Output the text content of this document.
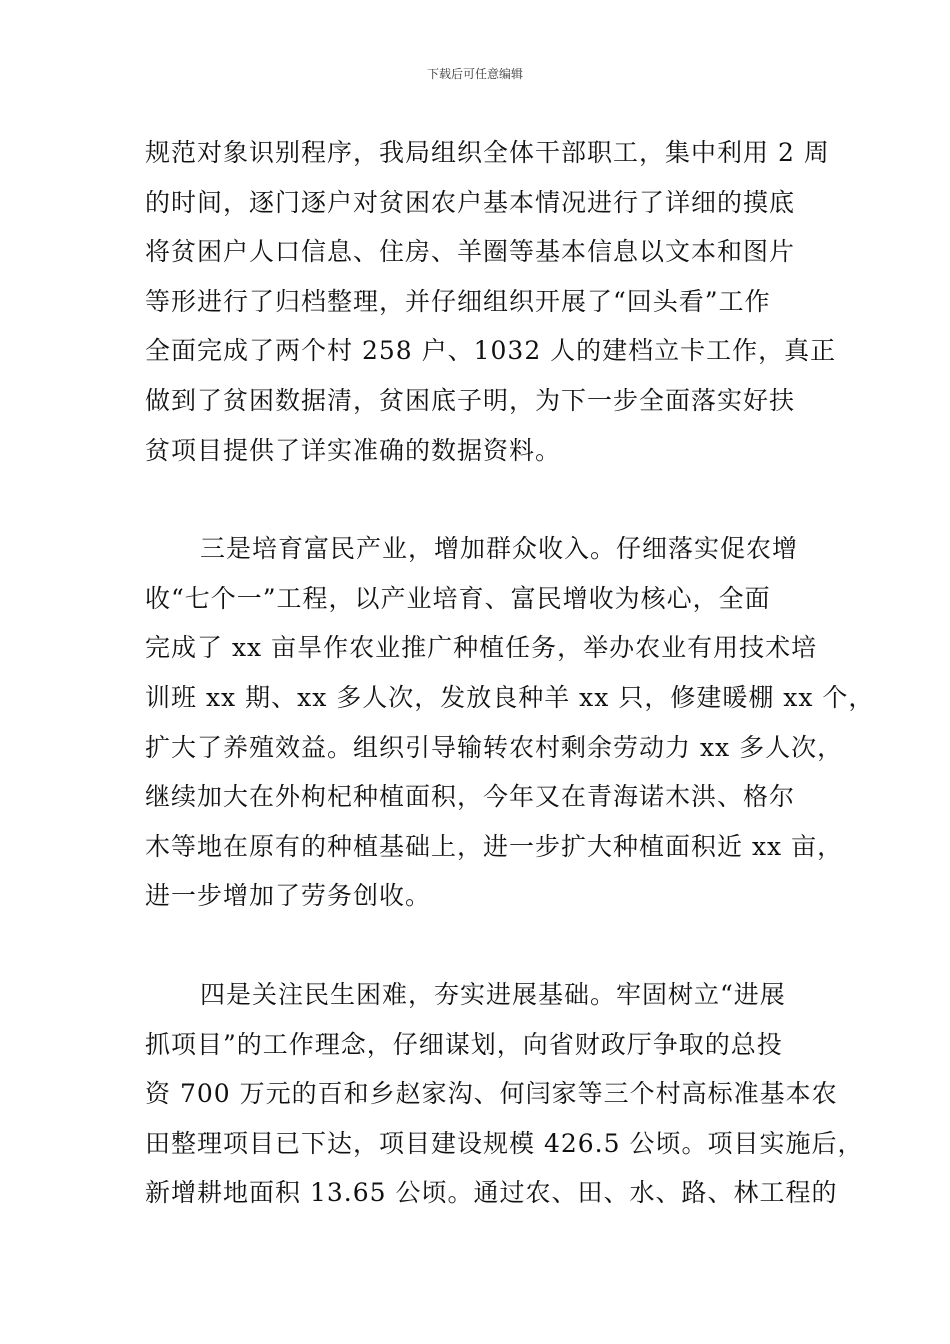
下载后可任意编辑
规范对象识别程序，我局组织全体干部职工，集中利用 2 周
的时间，逐门逐户对贫困农户基本情况进行了详细的摸底
将贫困户人口信息、住房、羊圈等基本信息以文本和图片
等形进行了归档整理，并仔细组织开展了“回头看”工作
全面完成了两个村 258 户、1032 人的建档立卡工作，真正
做到了贫困数据清，贫困底子明，为下一步全面落实好扶
贫项目提供了详实准确的数据资料。
三是培育富民产业，增加群众收入。仔细落实促农增
收“七个一”工程，以产业培育、富民增收为核心，全面
完成了 xx 亩旱作农业推广种植任务，举办农业有用技术培
训班 xx 期、xx 多人次，发放良种羊 xx 只，修建暖棚 xx 个，
扩大了养殖效益。组织引导输转农村剩余劳动力 xx 多人次，
继续加大在外枸杞种植面积，今年又在青海诺木洪、格尔
木等地在原有的种植基础上，进一步扩大种植面积近 xx 亩，
进一步增加了劳务创收。
四是关注民生困难，夯实进展基础。牢固树立“进展
抓项目”的工作理念，仔细谋划，向省财政厅争取的总投
资 700 万元的百和乡赵家沟、何闫家等三个村高标准基本农
田整理项目已下达，项目建设规模 426.5 公顷。项目实施后，
新增耕地面积 13.65 公顷。通过农、田、水、路、林工程的
